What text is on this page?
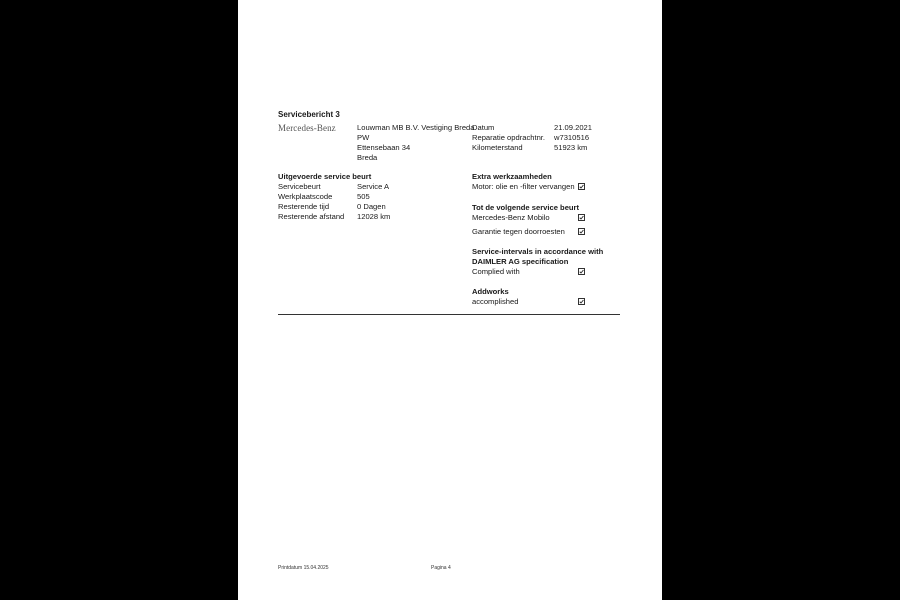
Servicebericht 3
Mercedes-Benz	Louwman MB B.V. Vestiging Breda
PW
Ettensebaan 34
Breda
Datum	21.09.2021
Reparatie opdrachtnr. w7310516
Kilometerstand	51923 km
Uitgevoerde service beurt
Servicebeurt	Service A
Werkplaatscode	505
Resterende tijd	0 Dagen
Resterende afstand 12028 km
Extra werkzaamheden
Motor: olie en -filter vervangen
Tot de volgende service beurt
Mercedes-Benz Mobilo
Garantie tegen doorroesten
Service-intervals in accordance with
DAIMLER AG specification
Complied with
Addworks
accomplished
Printdatum 15.04.2025	Pagina 4
